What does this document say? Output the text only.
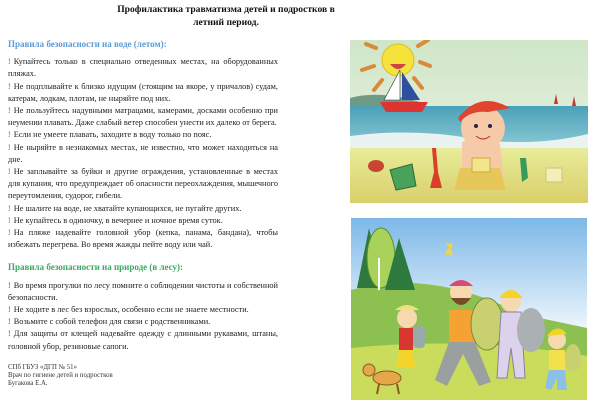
Профилактика травматизма детей и подростков в летний период.

Правила безопасности на воде (летом):

! Купайтесь только в специально отведенных местах, на оборудованных пляжах.

! Не подплывайте к близко идущим (стоящим на якоре, у причалов) судам, катерам, лодкам, плотам, не ныряйте под них.

! Не пользуйтесь надувными матрацами, камерами, досками особенно при неумении плавать. Даже слабый ветер способен унести их далеко от берега.

! Если не умеете плавать, заходите в воду только по пояс.

! Не ныряйте в незнакомых местах, не известно, что может находиться на дне.

! Не заплывайте за буйки и другие ограждения, установленные в местах для купания, что предупреждает об опасности переохлаждения, мышечного переутомления, судорог, гибели.

! Не шалите на воде, не хватайте купающихся, не пугайте других.

! Не купайтесь в одиночку, в вечернее и ночное время суток.

! На пляже надевайте головной убор (кепка, панама, бандана), чтобы избежать перегрева. Во время жажды пейте воду или чай.

Правила безопасности на природе (в лесу):

! Во время прогулки по лесу помните о соблюдении чистоты и собственной безопасности.

! Не ходите в лес без взрослых, особенно если не знаете местности.

! Возьмите с собой телефон для связи с родственниками.

! Для защиты от клещей надевайте одежду с длинными рукавами, штаны, головной убор, резиновые сапоги.

СПб ГБУЗ «ДГП № 51»
Врач по гигиене детей и подростков
Бугакова Е.А.
